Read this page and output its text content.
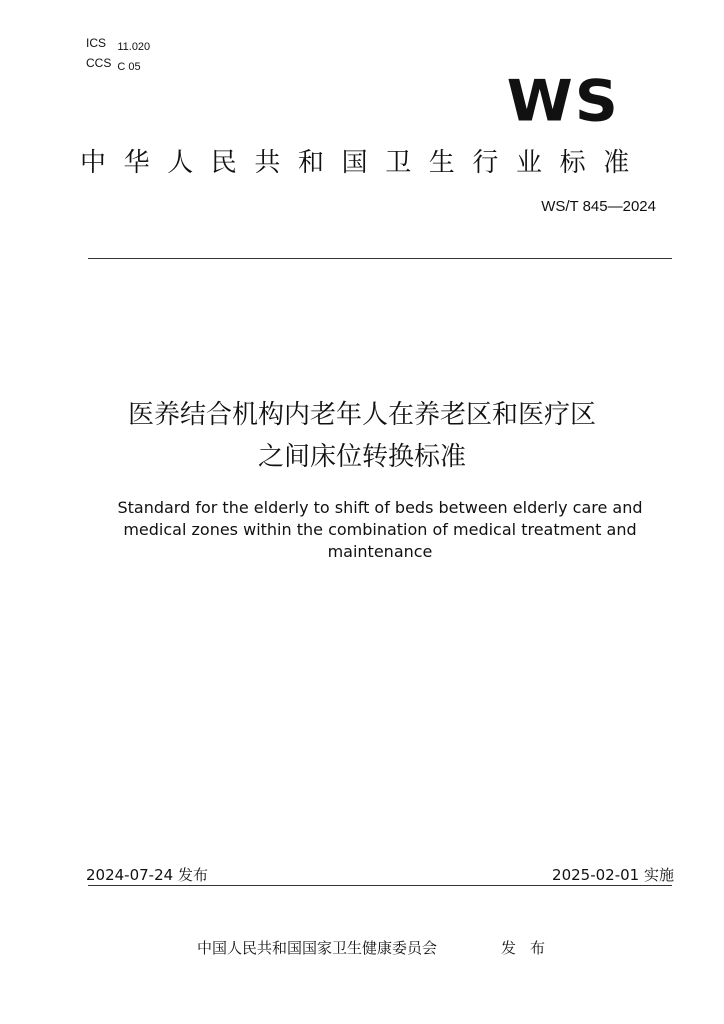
ICS 11.020
CCS C 05
WS
中华人民共和国卫生行业标准
WS/T 845—2024
医养结合机构内老年人在养老区和医疗区
之间床位转换标准
Standard for the elderly to shift of beds between elderly care and
medical zones within the combination of medical treatment and
maintenance
2024-07-24 发布	2025-02-01 实施
中国人民共和国国家卫生健康委员会	发布
